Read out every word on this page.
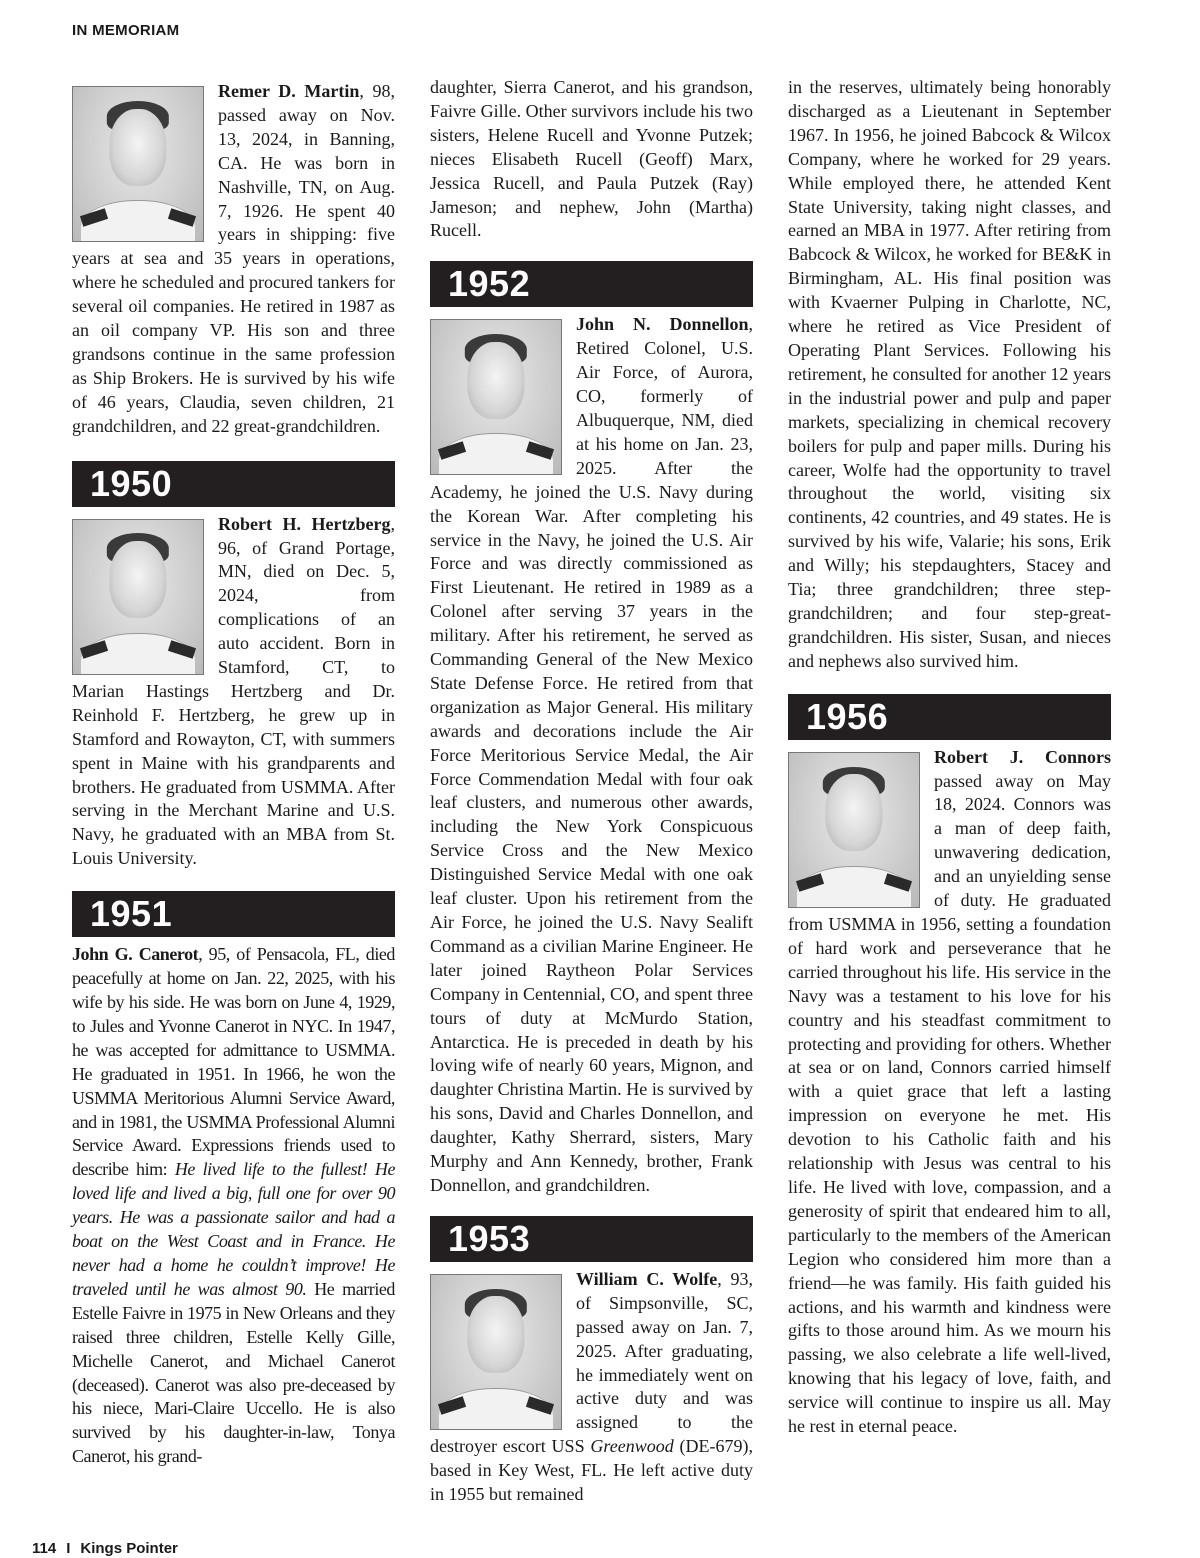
IN MEMORIAM

Remer D. Martin, 98, passed away on Nov. 13, 2024, in Banning, CA. He was born in Nashville, TN, on Aug. 7, 1926. He spent 40 years in shipping: five years at sea and 35 years in operations, where he scheduled and procured tankers for several oil companies. He retired in 1987 as an oil company VP. His son and three grandsons continue in the same profession as Ship Brokers. He is survived by his wife of 46 years, Claudia, seven children, 21 grandchildren, and 22 great-grandchildren.

1950

Robert H. Hertzberg, 96, of Grand Portage, MN, died on Dec. 5, 2024, from complications of an auto accident. Born in Stamford, CT, to Marian Hastings Hertzberg and Dr. Reinhold F. Hertzberg, he grew up in Stamford and Rowayton, CT, with summers spent in Maine with his grandparents and brothers. He graduated from USMMA. After serving in the Merchant Marine and U.S. Navy, he graduated with an MBA from St. Louis University.

1951

John G. Canerot, 95, of Pensacola, FL, died peacefully at home on Jan. 22, 2025, with his wife by his side. He was born on June 4, 1929, to Jules and Yvonne Canerot in NYC. In 1947, he was accepted for admittance to USMMA. He graduated in 1951. In 1966, he won the USMMA Meritorious Alumni Service Award, and in 1981, the USMMA Professional Alumni Service Award. Expressions friends used to describe him: He lived life to the fullest! He loved life and lived a big, full one for over 90 years. He was a passionate sailor and had a boat on the West Coast and in France. He never had a home he couldn’t improve! He traveled until he was almost 90. He married Estelle Faivre in 1975 in New Orleans and they raised three children, Estelle Kelly Gille, Michelle Canerot, and Michael Canerot (deceased). Canerot was also pre-deceased by his niece, Mari-Claire Uccello. He is also survived by his daughter-in-law, Tonya Canerot, his grand-

daughter, Sierra Canerot, and his grandson, Faivre Gille. Other survivors include his two sisters, Helene Rucell and Yvonne Putzek; nieces Elisabeth Rucell (Geoff) Marx, Jessica Rucell, and Paula Putzek (Ray) Jameson; and nephew, John (Martha) Rucell.

1952

John N. Donnellon, Retired Colonel, U.S. Air Force, of Aurora, CO, formerly of Albuquerque, NM, died at his home on Jan. 23, 2025. After the Academy, he joined the U.S. Navy during the Korean War. After completing his service in the Navy, he joined the U.S. Air Force and was directly commissioned as First Lieutenant. He retired in 1989 as a Colonel after serving 37 years in the military. After his retirement, he served as Commanding General of the New Mexico State Defense Force. He retired from that organization as Major General. His military awards and decorations include the Air Force Meritorious Service Medal, the Air Force Commendation Medal with four oak leaf clusters, and numerous other awards, including the New York Conspicuous Service Cross and the New Mexico Distinguished Service Medal with one oak leaf cluster. Upon his retirement from the Air Force, he joined the U.S. Navy Sealift Command as a civilian Marine Engineer. He later joined Raytheon Polar Services Company in Centennial, CO, and spent three tours of duty at McMurdo Station, Antarctica. He is preceded in death by his loving wife of nearly 60 years, Mignon, and daughter Christina Martin. He is survived by his sons, David and Charles Donnellon, and daughter, Kathy Sherrard, sisters, Mary Murphy and Ann Kennedy, brother, Frank Donnellon, and grandchildren.

1953

William C. Wolfe, 93, of Simpsonville, SC, passed away on Jan. 7, 2025. After graduating, he immediately went on active duty and was assigned to the destroyer escort USS Greenwood (DE-679), based in Key West, FL. He left active duty in 1955 but remained

in the reserves, ultimately being honorably discharged as a Lieutenant in September 1967. In 1956, he joined Babcock & Wilcox Company, where he worked for 29 years. While employed there, he attended Kent State University, taking night classes, and earned an MBA in 1977. After retiring from Babcock & Wilcox, he worked for BE&K in Birmingham, AL. His final position was with Kvaerner Pulping in Charlotte, NC, where he retired as Vice President of Operating Plant Services. Following his retirement, he consulted for another 12 years in the industrial power and pulp and paper markets, specializing in chemical recovery boilers for pulp and paper mills. During his career, Wolfe had the opportunity to travel throughout the world, visiting six continents, 42 countries, and 49 states. He is survived by his wife, Valarie; his sons, Erik and Willy; his stepdaughters, Stacey and Tia; three grandchildren; three step-grandchildren; and four step-great-grandchildren. His sister, Susan, and nieces and nephews also survived him.

1956

Robert J. Connors passed away on May 18, 2024. Connors was a man of deep faith, unwavering dedication, and an unyielding sense of duty. He graduated from USMMA in 1956, setting a foundation of hard work and perseverance that he carried throughout his life. His service in the Navy was a testament to his love for his country and his steadfast commitment to protecting and providing for others. Whether at sea or on land, Connors carried himself with a quiet grace that left a lasting impression on everyone he met. His devotion to his Catholic faith and his relationship with Jesus was central to his life. He lived with love, compassion, and a generosity of spirit that endeared him to all, particularly to the members of the American Legion who considered him more than a friend—he was family. His faith guided his actions, and his warmth and kindness were gifts to those around him. As we mourn his passing, we also celebrate a life well-lived, knowing that his legacy of love, faith, and service will continue to inspire us all. May he rest in eternal peace.

114 I Kings Pointer
